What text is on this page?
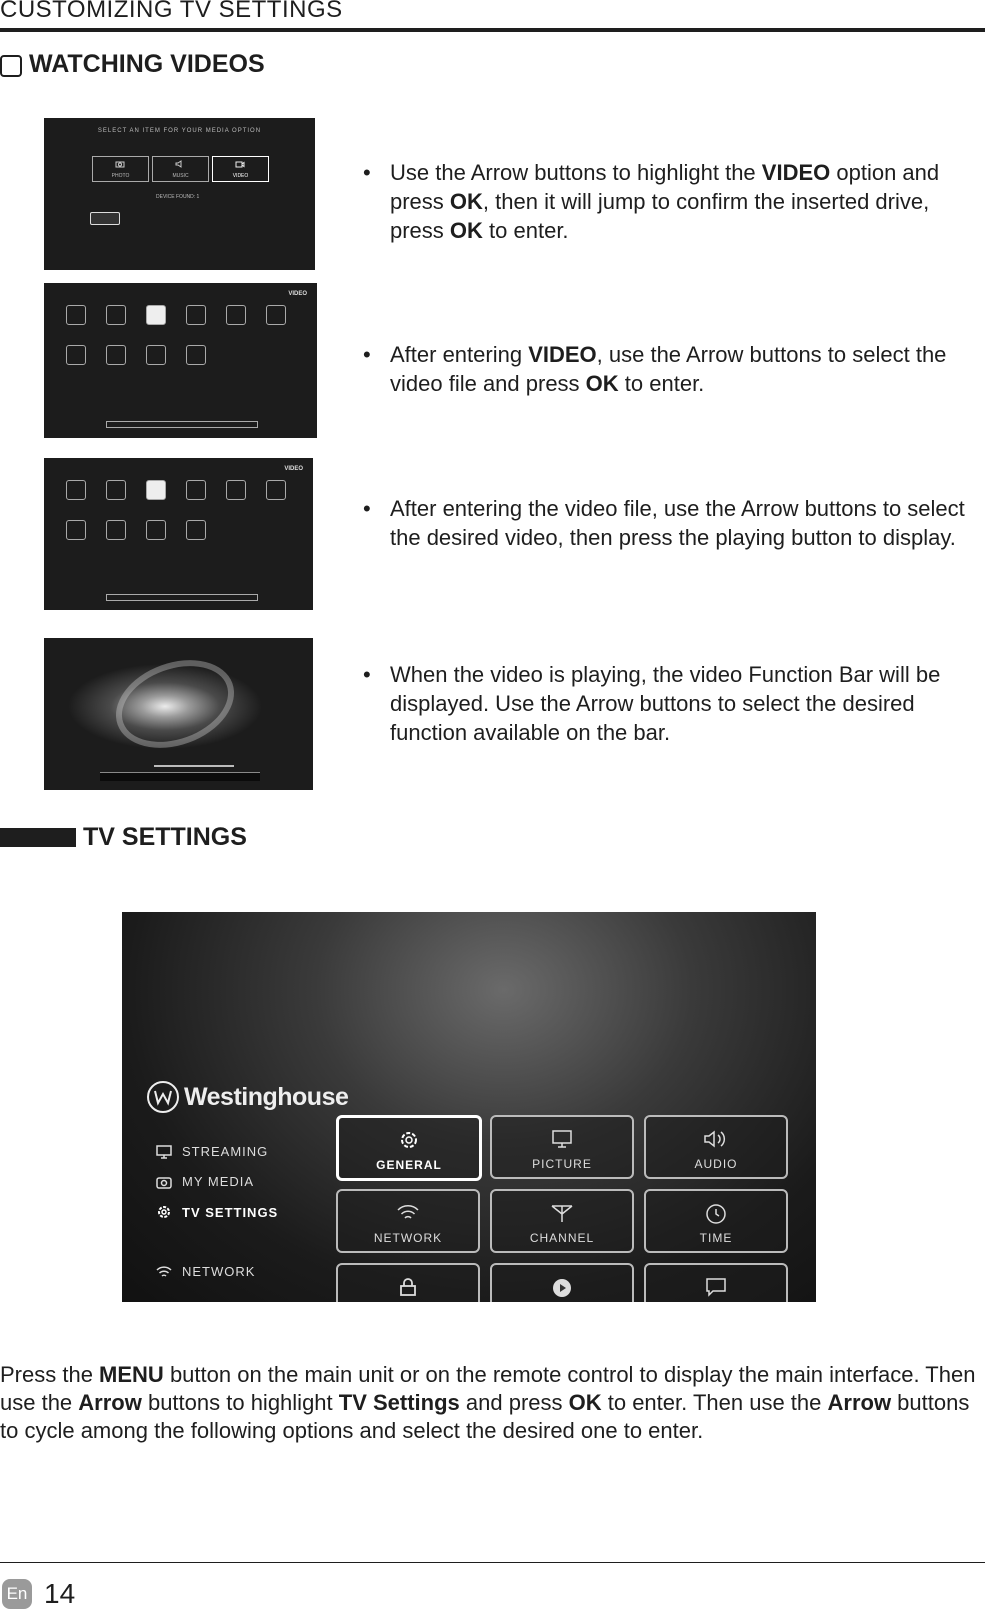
CUSTOMIZING TV SETTINGS
WATCHING VIDEOS
SELECT AN ITEM FOR YOUR MEDIA OPTION
PHOTO	MUSIC	VIDEO
DEVICE FOUND: 1
VIDEO
VIDEO
• Use the Arrow buttons to highlight the VIDEO option and press OK, then it will jump to confirm the inserted drive, press OK to enter.
• After entering VIDEO, use the Arrow buttons to select the video file and press OK to enter.
• After entering the video file, use the Arrow buttons to select the desired video, then press the playing button to display.
• When the video is playing, the video Function Bar will be displayed. Use the Arrow buttons to select the desired function available on the bar.
TV SETTINGS
Westinghouse
STREAMING
MY MEDIA
TV SETTINGS
NETWORK
GENERAL	PICTURE	AUDIO
NETWORK	CHANNEL	TIME
Press the MENU button on the main unit or on the remote control to display the main interface. Then use the Arrow buttons to highlight TV Settings and press OK to enter. Then use the Arrow buttons to cycle among the following options and select the desired one to enter.
En 14
